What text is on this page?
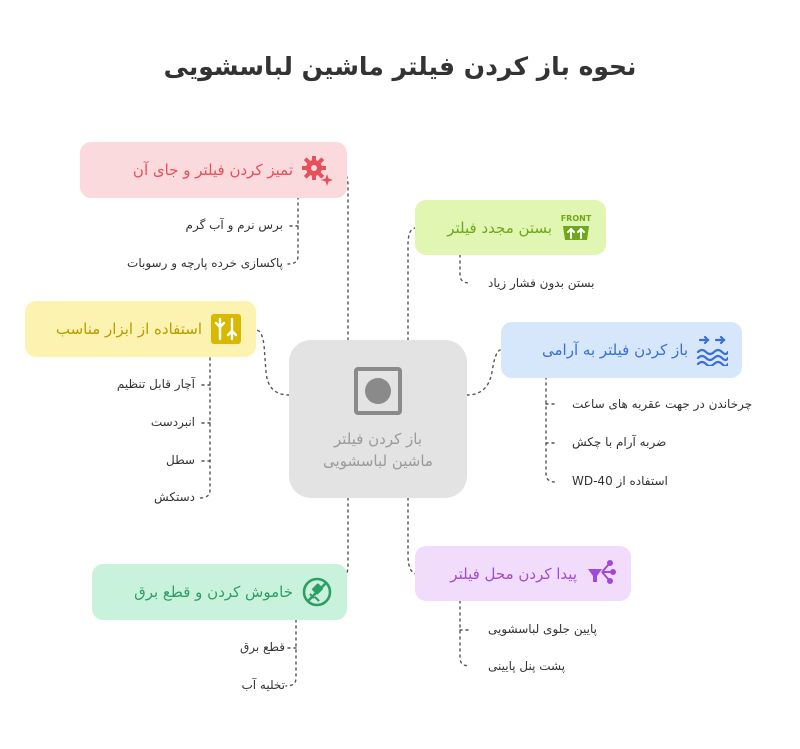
نحوه باز کردن فیلتر ماشین لباسشویی
باز کردن فیلتر
ماشین لباسشویی
تمیز کردن فیلتر و جای آن
برس نرم و آب گرم
پاکسازی خرده پارچه و رسوبات
استفاده از ابزار مناسب
آچار قابل تنظیم
انبردست
سطل
دستکش
خاموش کردن و قطع برق
قطع برق
تخلیه آب
بستن مجدد فیلتر
FRONT
بستن بدون فشار زیاد
باز کردن فیلتر به آرامی
چرخاندن در جهت عقربه های ساعت
ضربه آرام با چکش
استفاده از WD-40
پیدا کردن محل فیلتر
پایین جلوی لباسشویی
پشت پنل پایینی
